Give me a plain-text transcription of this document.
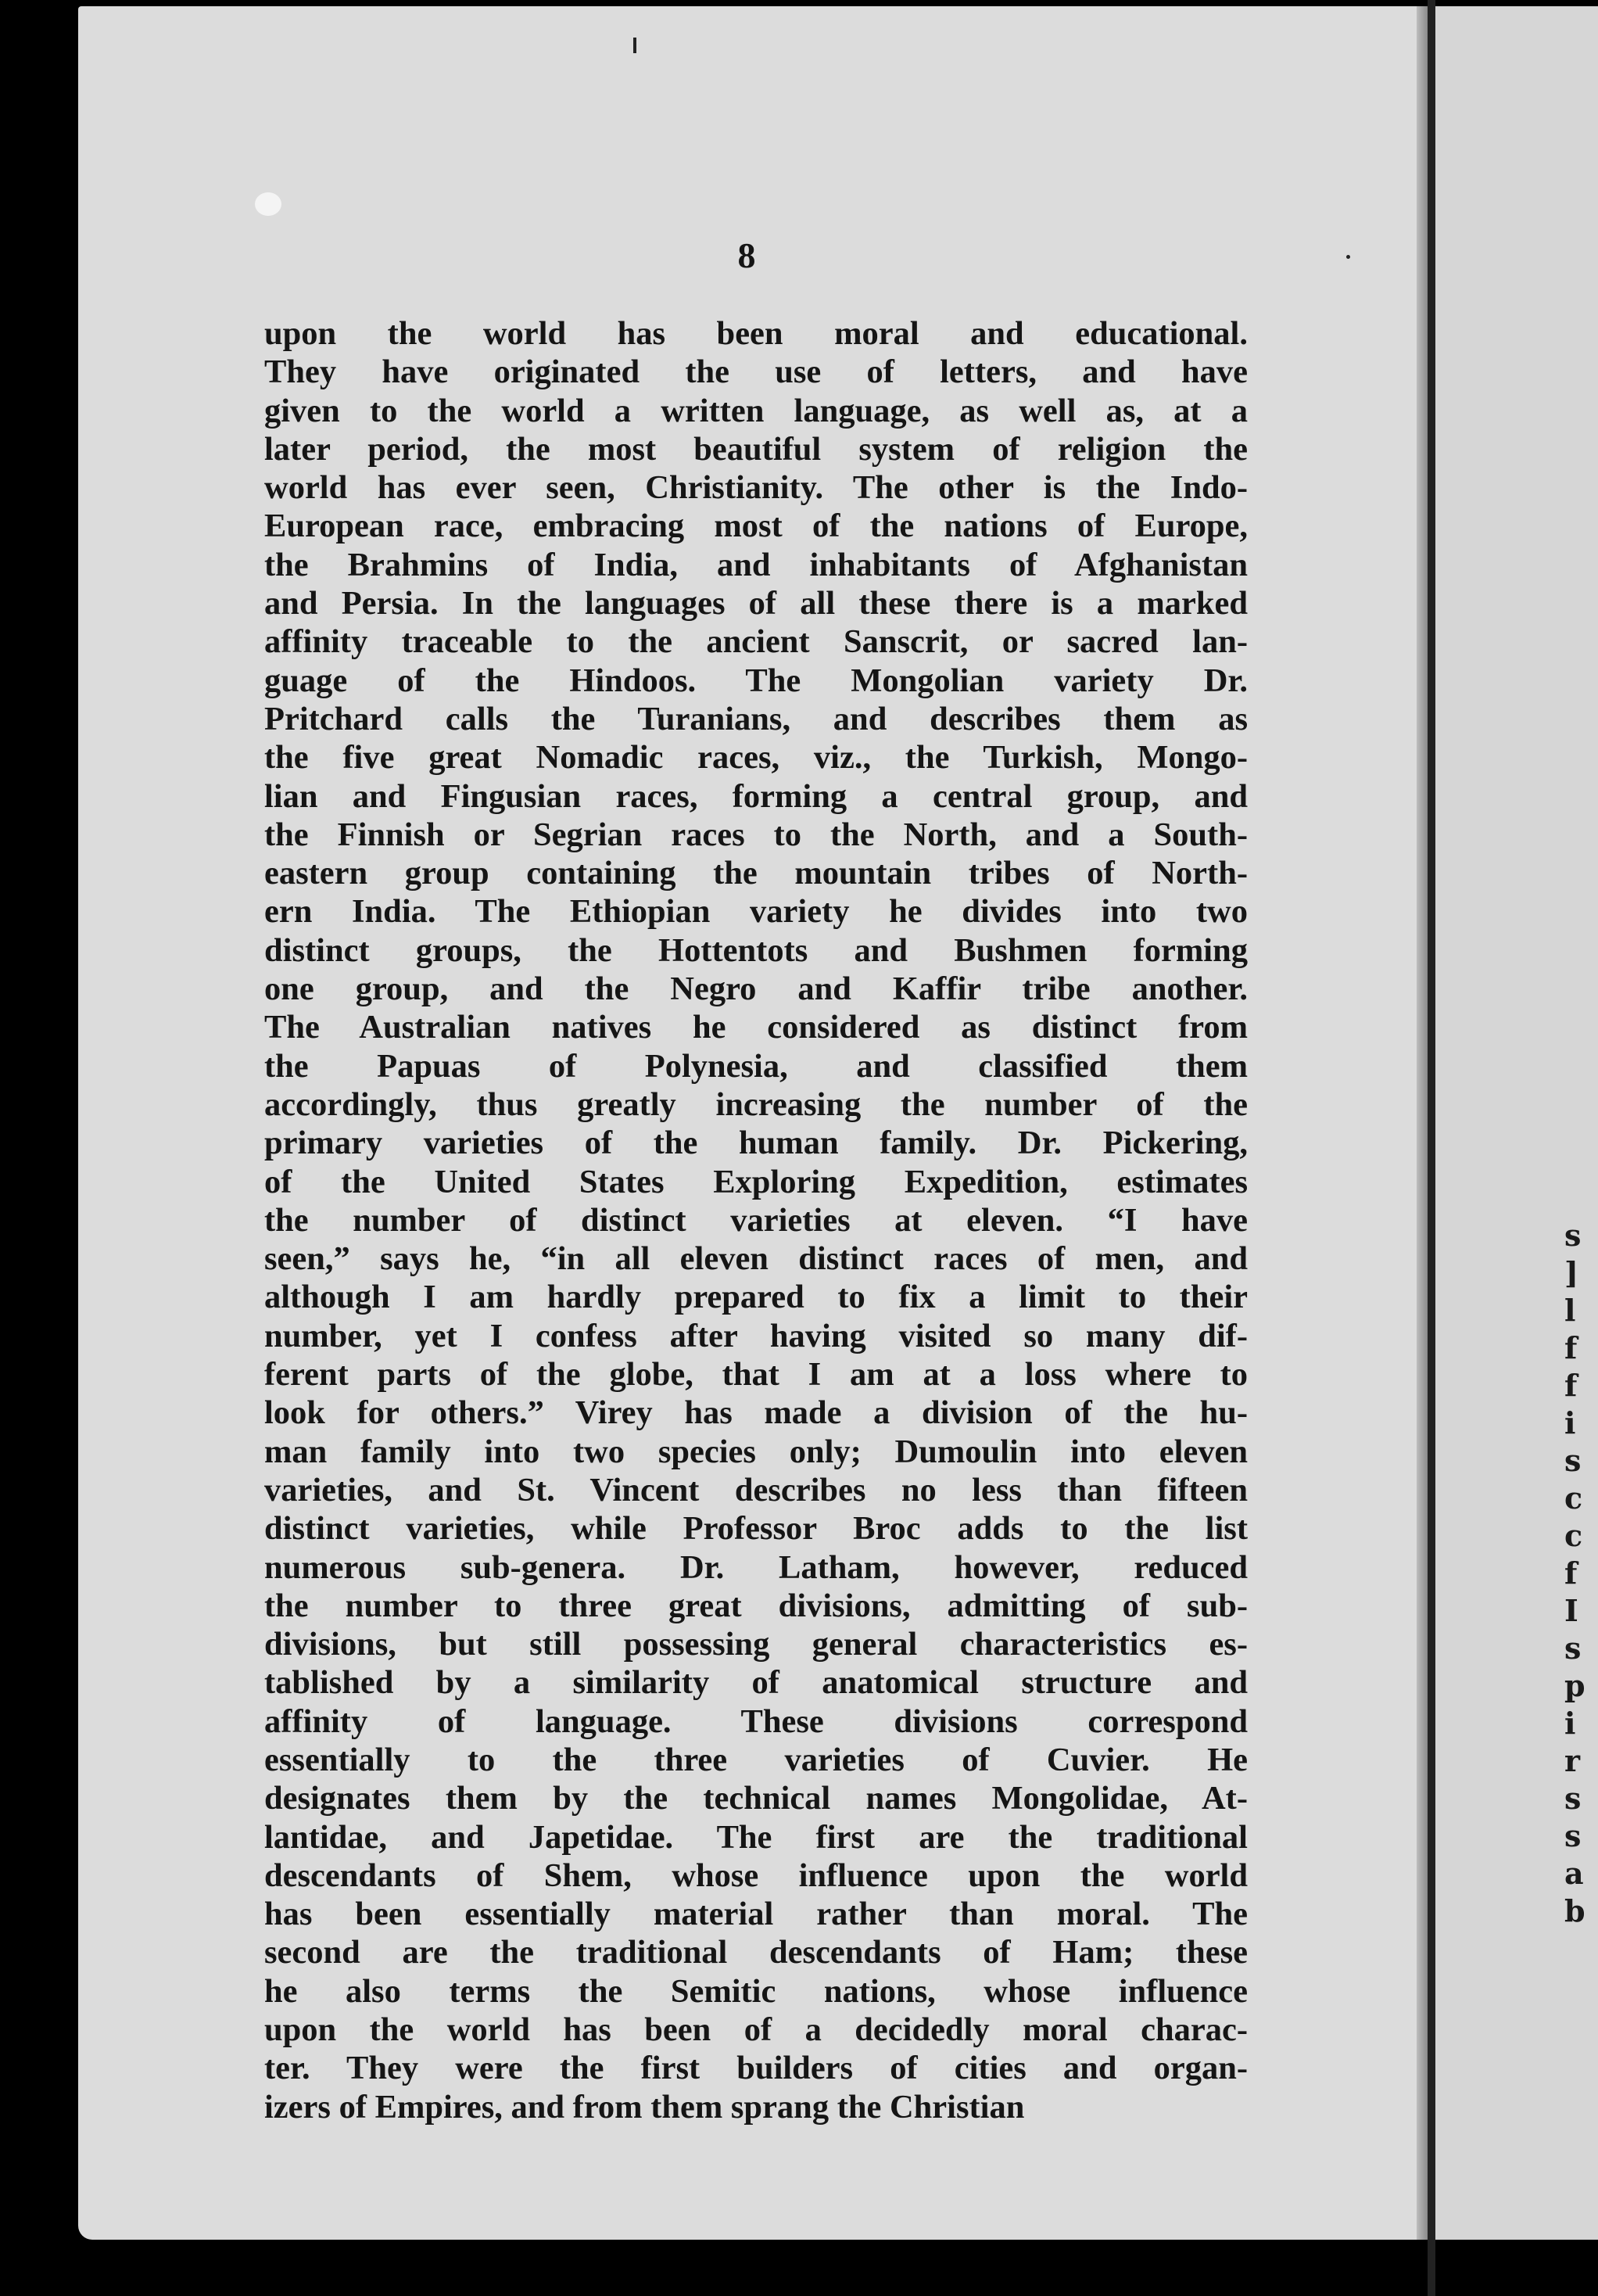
s
]
l
f
f
i
s
c
c
f
I
s
p
i
r
s
s
a
b
8
upon the world has been moral and educational.
They have originated the use of letters, and have
given to the world a written language, as well as, at a
later period, the most beautiful system of religion the
world has ever seen, Christianity. The other is the Indo-
European race, embracing most of the nations of Europe,
the Brahmins of India, and inhabitants of Afghanistan
and Persia. In the languages of all these there is a marked
affinity traceable to the ancient Sanscrit, or sacred lan-
guage of the Hindoos. The Mongolian variety Dr.
Pritchard calls the Turanians, and describes them as
the five great Nomadic races, viz., the Turkish, Mongo-
lian and Fingusian races, forming a central group, and
the Finnish or Segrian races to the North, and a South-
eastern group containing the mountain tribes of North-
ern India. The Ethiopian variety he divides into two
distinct groups, the Hottentots and Bushmen forming
one group, and the Negro and Kaffir tribe another.
The Australian natives he considered as distinct from
the Papuas of Polynesia, and classified them
accordingly, thus greatly increasing the number of the
primary varieties of the human family. Dr. Pickering,
of the United States Exploring Expedition, estimates
the number of distinct varieties at eleven. “I have
seen,” says he, “in all eleven distinct races of men, and
although I am hardly prepared to fix a limit to their
number, yet I confess after having visited so many dif-
ferent parts of the globe, that I am at a loss where to
look for others.” Virey has made a division of the hu-
man family into two species only; Dumoulin into eleven
varieties, and St. Vincent describes no less than fifteen
distinct varieties, while Professor Broc adds to the list
numerous sub-genera. Dr. Latham, however, reduced
the number to three great divisions, admitting of sub-
divisions, but still possessing general characteristics es-
tablished by a similarity of anatomical structure and
affinity of language. These divisions correspond
essentially to the three varieties of Cuvier. He
designates them by the technical names Mongolidae, At-
lantidae, and Japetidae. The first are the traditional
descendants of Shem, whose influence upon the world
has been essentially material rather than moral. The
second are the traditional descendants of Ham; these
he also terms the Semitic nations, whose influence
upon the world has been of a decidedly moral charac-
ter. They were the first builders of cities and organ-
izers of Empires, and from them sprang the Christian
